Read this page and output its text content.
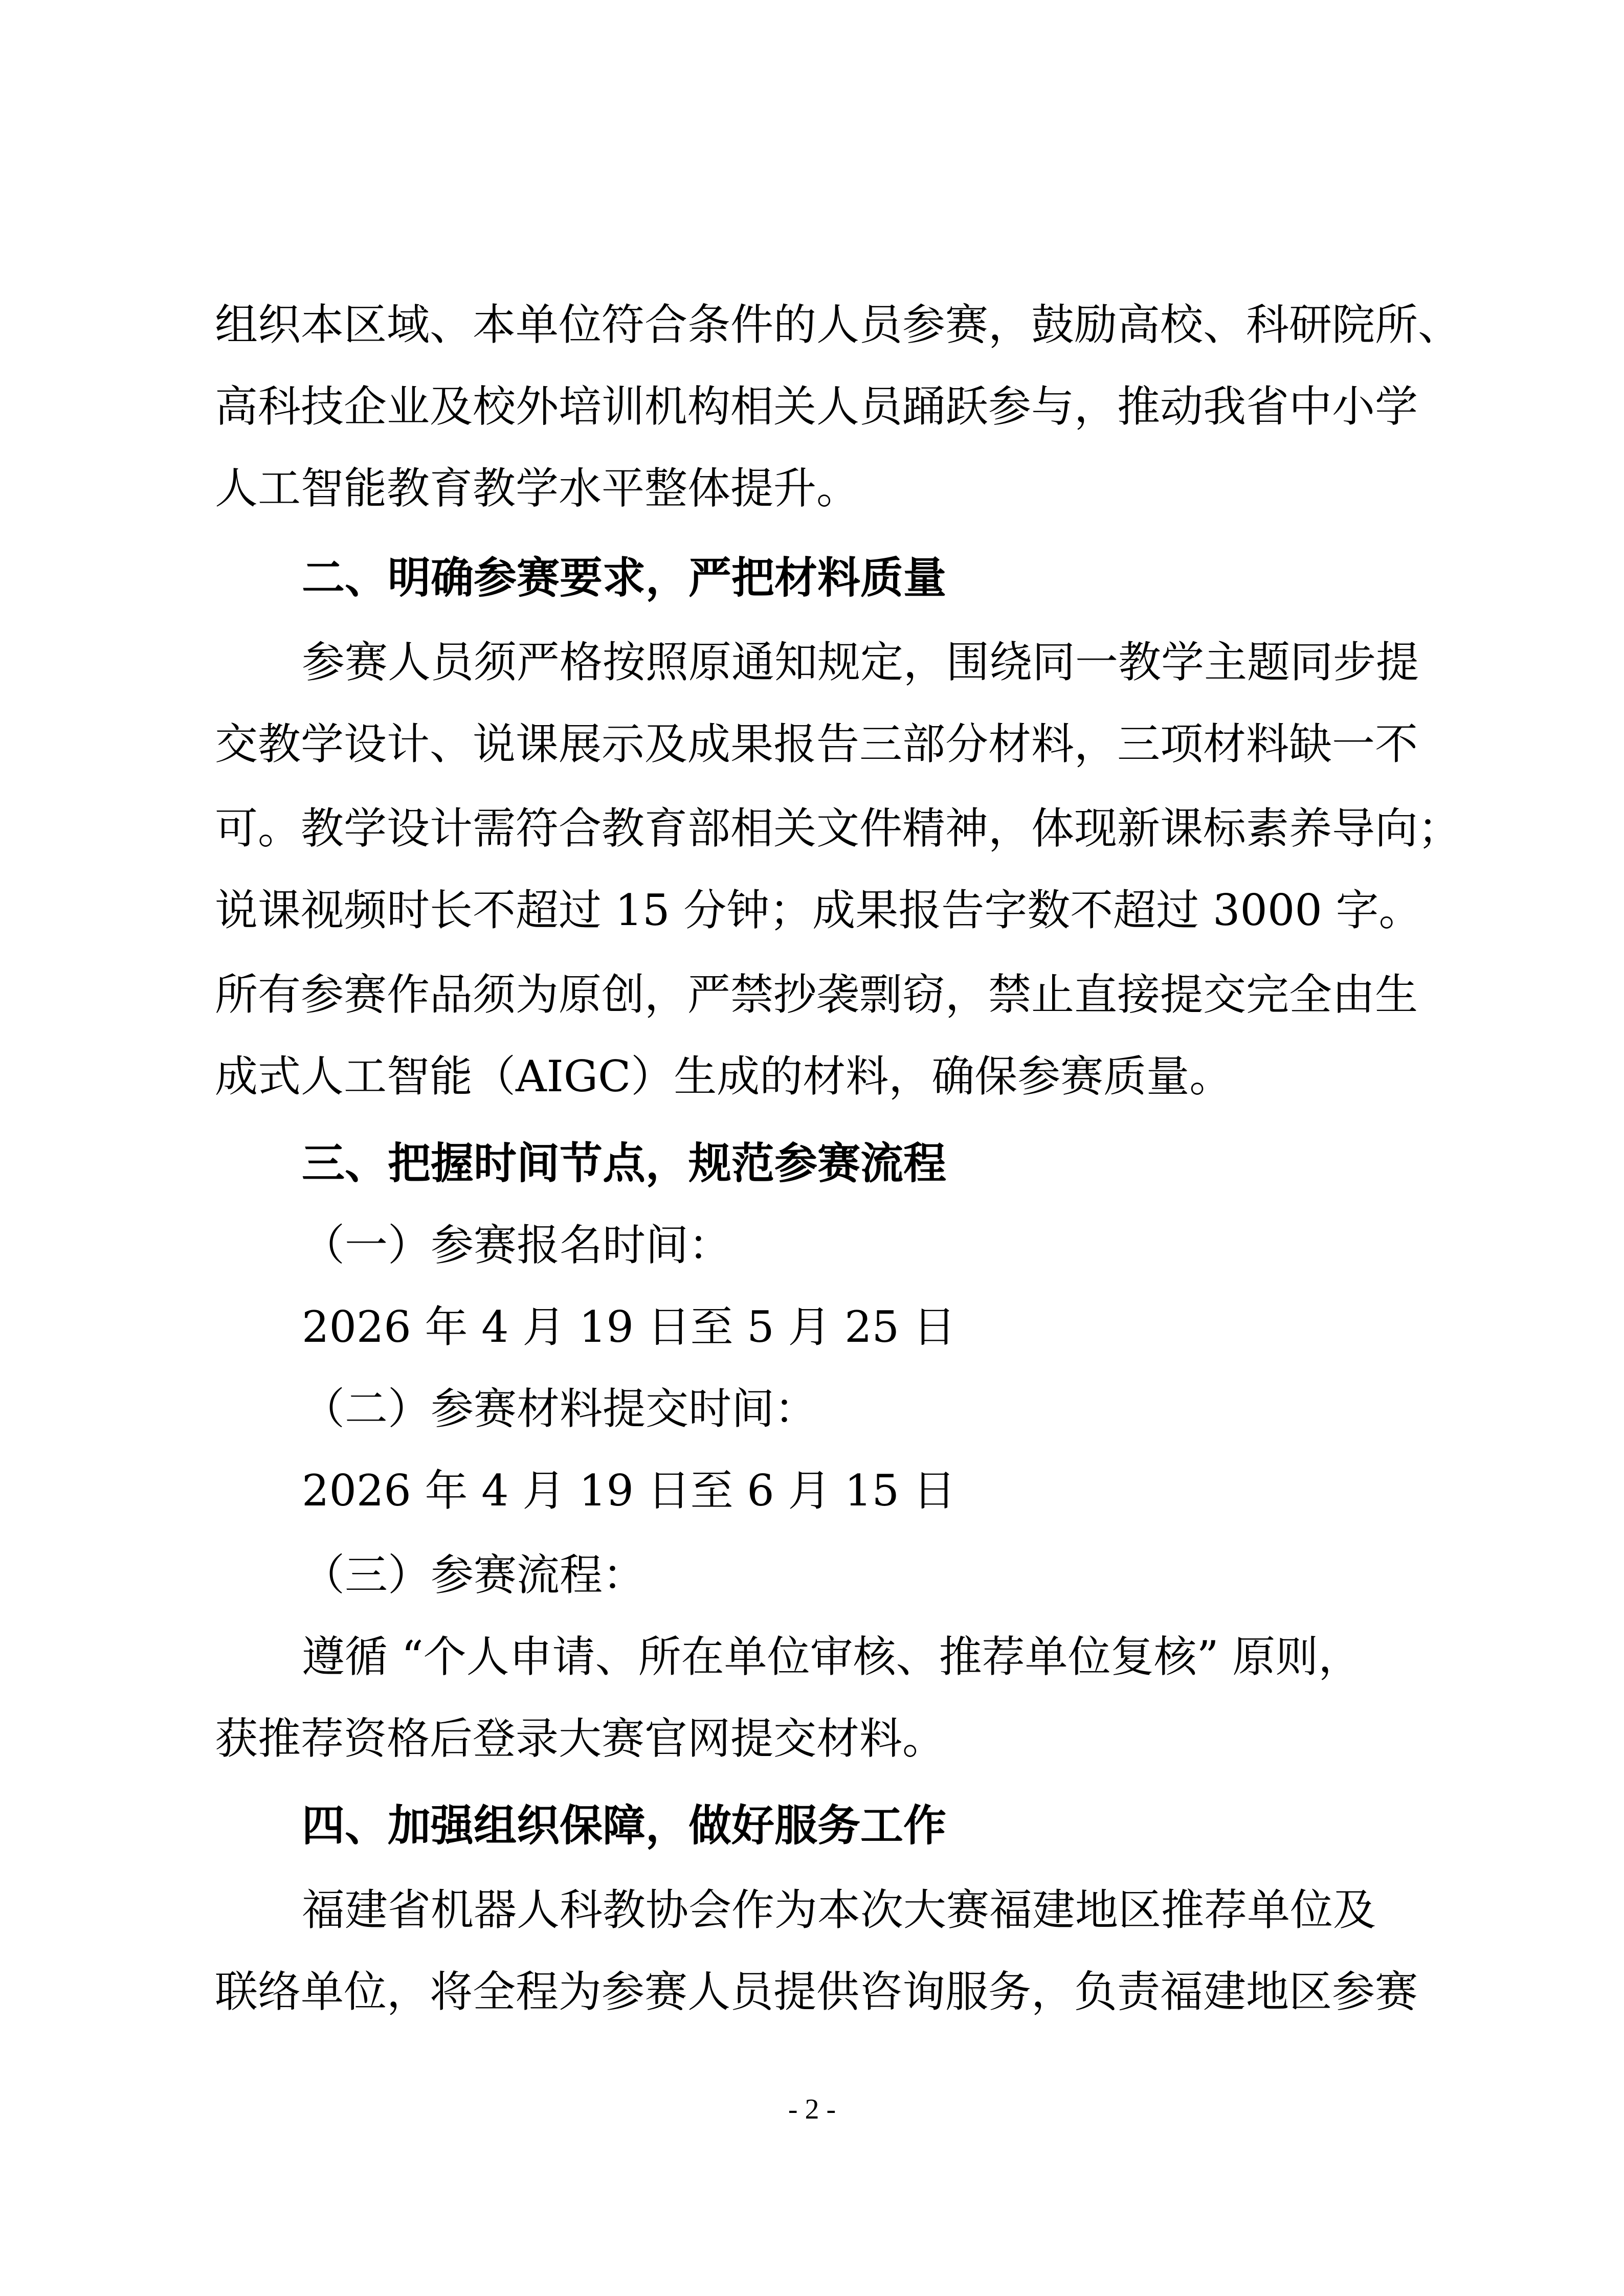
组织本区域、本单位符合条件的人员参赛，鼓励高校、科研院所、
高科技企业及校外培训机构相关人员踊跃参与，推动我省中小学
人工智能教育教学水平整体提升。
二、明确参赛要求，严把材料质量
参赛人员须严格按照原通知规定，围绕同一教学主题同步提
交教学设计、说课展示及成果报告三部分材料，三项材料缺一不
可。教学设计需符合教育部相关文件精神，体现新课标素养导向；
说课视频时长不超过 15 分钟；成果报告字数不超过 3000 字。
所有参赛作品须为原创，严禁抄袭剽窃，禁止直接提交完全由生
成式人工智能（AIGC）生成的材料，确保参赛质量。
三、把握时间节点，规范参赛流程
（一）参赛报名时间：
2026 年 4 月 19 日至 5 月 25 日
（二）参赛材料提交时间：
2026 年 4 月 19 日至 6 月 15 日
（三）参赛流程：
遵循 “个人申请、所在单位审核、推荐单位复核” 原则，
获推荐资格后登录大赛官网提交材料。
四、加强组织保障，做好服务工作
福建省机器人科教协会作为本次大赛福建地区推荐单位及
联络单位，将全程为参赛人员提供咨询服务，负责福建地区参赛
- 2 -
